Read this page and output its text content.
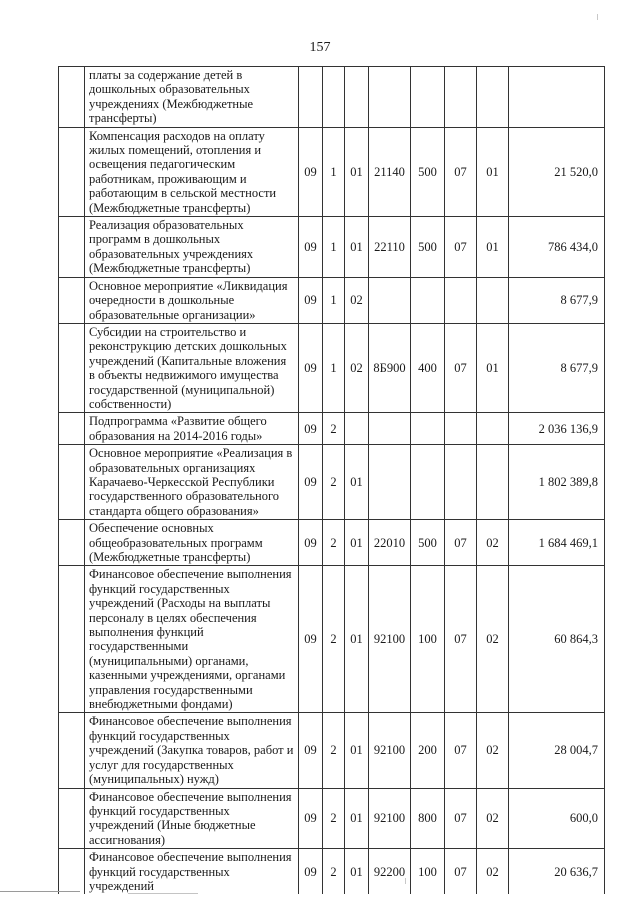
157
	платы за содержание детей в дошкольных образовательных учреждениях (Межбюджетные трансферты)								
	Компенсация расходов на оплату жилых помещений, отопления и освещения педагогическим работникам, проживающим и работающим в сельской местности (Межбюджетные трансферты)	09	1	01	21140	500	07	01	21 520,0
	Реализация образовательных программ в дошкольных образовательных учреждениях (Межбюджетные трансферты)	09	1	01	22110	500	07	01	786 434,0
	Основное мероприятие «Ликвидация очередности в дошкольные образовательные организации»	09	1	02					8 677,9
	Субсидии на строительство и реконструкцию детских дошкольных учреждений (Капитальные вложения в объекты недвижимого имущества государственной (муниципальной) собственности)	09	1	02	8Б900	400	07	01	8 677,9
	Подпрограмма «Развитие общего образования на 2014-2016 годы»	09	2						2 036 136,9
	Основное мероприятие «Реализация в образовательных организациях Карачаево-Черкесской Республики государственного образовательного стандарта общего образования»	09	2	01					1 802 389,8
	Обеспечение основных общеобразовательных программ (Межбюджетные трансферты)	09	2	01	22010	500	07	02	1 684 469,1
	Финансовое обеспечение выполнения функций государственных учреждений (Расходы на выплаты персоналу в целях обеспечения выполнения функций государственными (муниципальными) органами, казенными учреждениями, органами управления государственными внебюджетными фондами)	09	2	01	92100	100	07	02	60 864,3
	Финансовое обеспечение выполнения функций государственных учреждений (Закупка товаров, работ и услуг для государственных (муниципальных) нужд)	09	2	01	92100	200	07	02	28 004,7
	Финансовое обеспечение выполнения функций государственных учреждений (Иные бюджетные ассигнования)	09	2	01	92100	800	07	02	600,0
	Финансовое обеспечение выполнения функций государственных учреждений	09	2	01	92200	100	07	02	20 636,7
